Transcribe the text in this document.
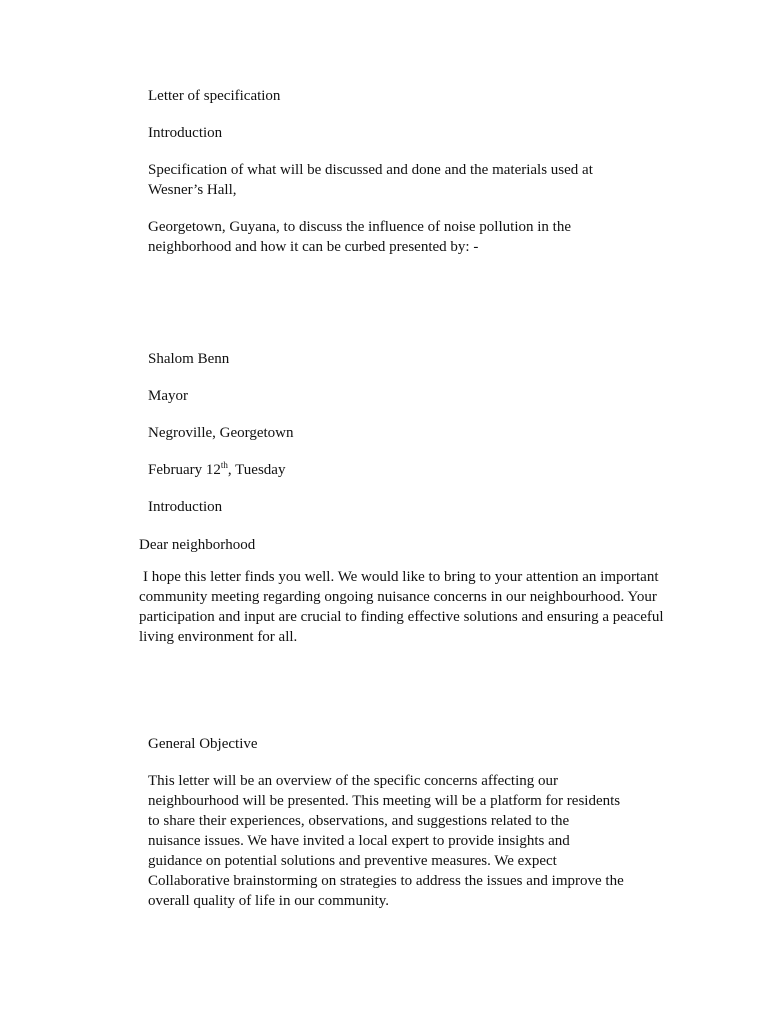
Letter of specification

Introduction

Specification of what will be discussed and done and the materials used at Wesner’s Hall,

Georgetown, Guyana, to discuss the influence of noise pollution in the neighborhood and how it can be curbed presented by: -

Shalom Benn

Mayor

Negroville, Georgetown

February 12th, Tuesday

Introduction

Dear neighborhood

I hope this letter finds you well. We would like to bring to your attention an important community meeting regarding ongoing nuisance concerns in our neighbourhood. Your participation and input are crucial to finding effective solutions and ensuring a peaceful living environment for all.

General Objective

This letter will be an overview of the specific concerns affecting our neighbourhood will be presented. This meeting will be a platform for residents to share their experiences, observations, and suggestions related to the nuisance issues. We have invited a local expert to provide insights and guidance on potential solutions and preventive measures. We expect Collaborative brainstorming on strategies to address the issues and improve the overall quality of life in our community.
